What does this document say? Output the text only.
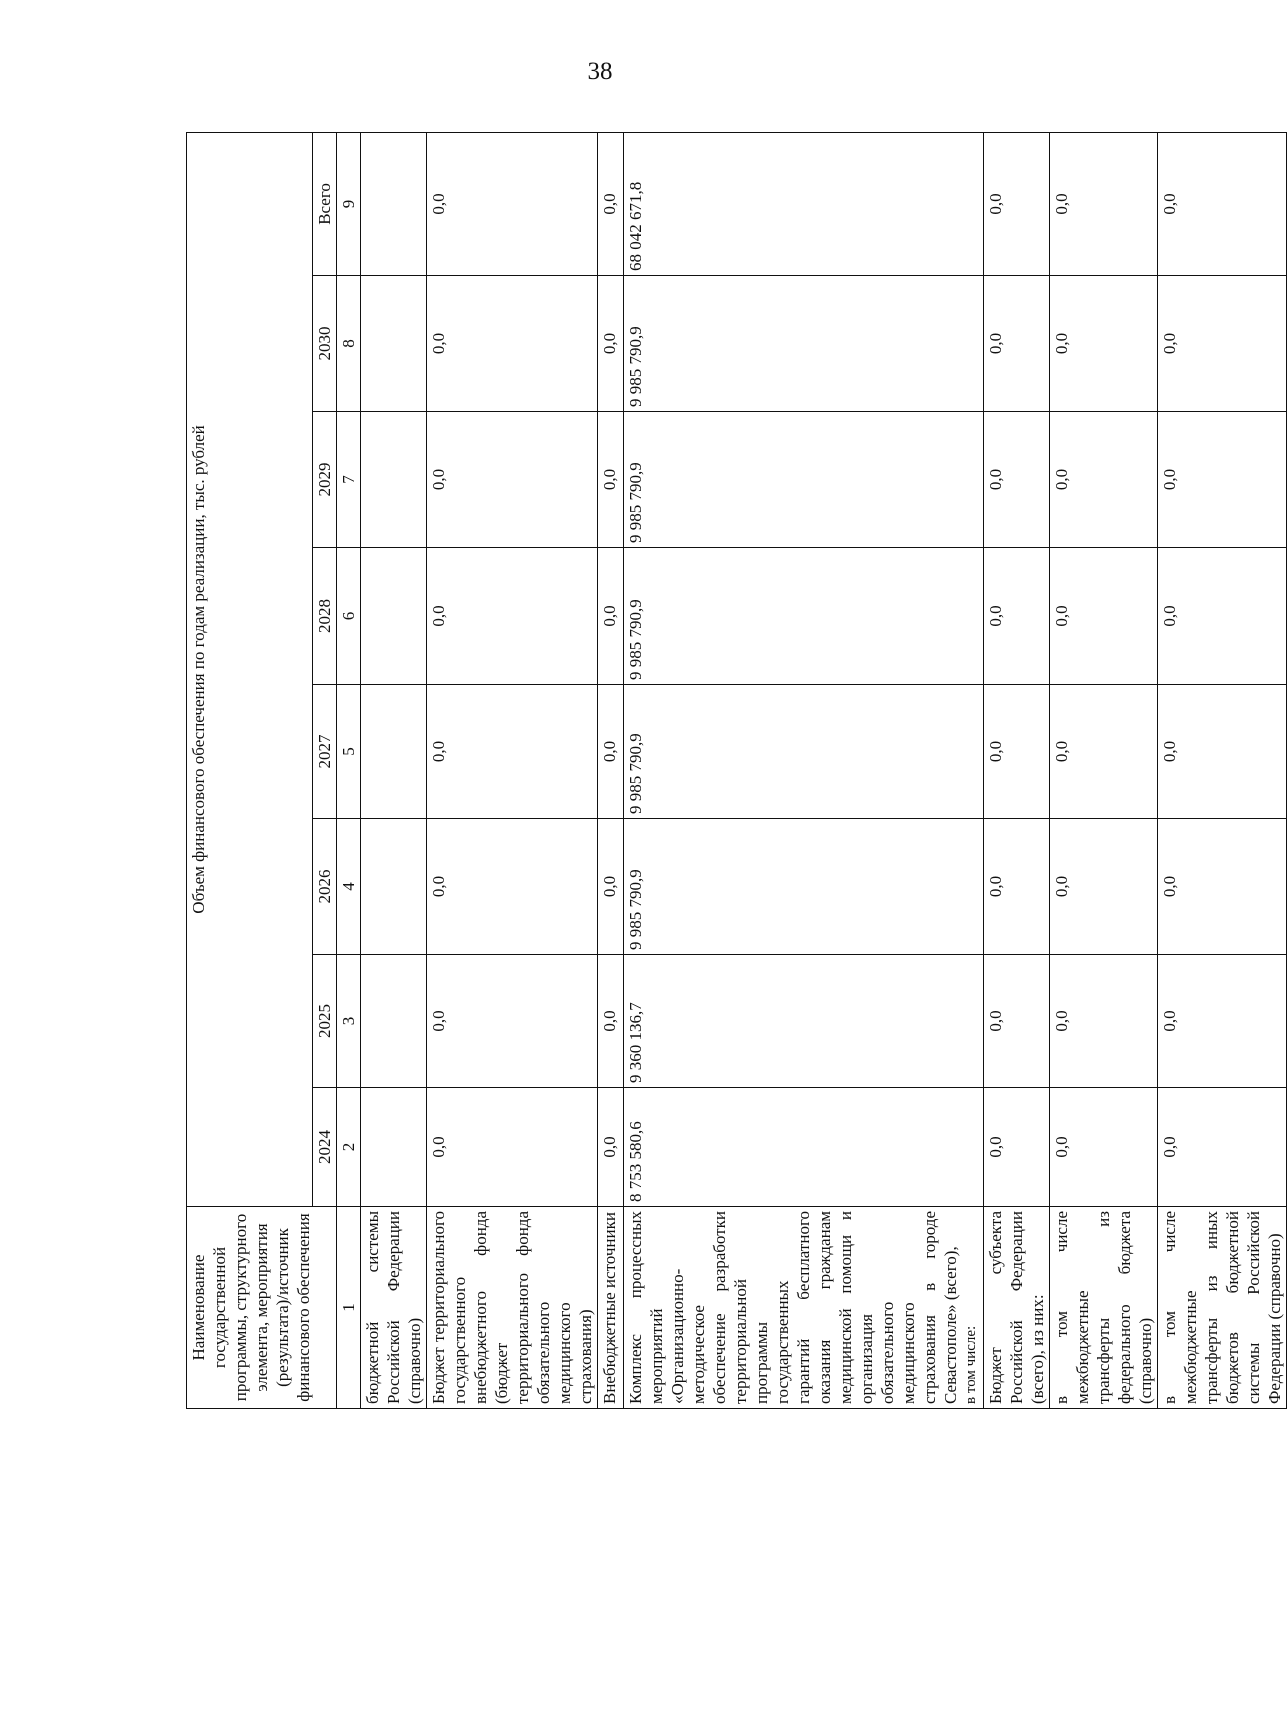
38
Наименование государственной программы, структурного элемента, мероприятия (результата)/источник финансового обеспечения	Объем финансового обеспечения по годам реализации, тыс. рублей							
	2024	2025	2026	2027	2028	2029	2030	Всего
1	2	3	4	5	6	7	8	9
бюджетной системы Российской Федерации (справочно)								
Бюджет территориального государственного внебюджетного фонда (бюджет территориального фонда обязательного медицинского страхования)	0,0	0,0	0,0	0,0	0,0	0,0	0,0	0,0
Внебюджетные источники	0,0	0,0	0,0	0,0	0,0	0,0	0,0	0,0
Комплекс процессных мероприятий «Организационно-методическое обеспечение разработки территориальной программы государственных гарантий бесплатного оказания гражданам медицинской помощи и организация обязательного медицинского страхования в городе Севастополе» (всего), в том числе:	8 753 580,6	9 360 136,7	9 985 790,9	9 985 790,9	9 985 790,9	9 985 790,9	9 985 790,9	68 042 671,8
Бюджет субъекта Российской Федерации (всего), из них:	0,0	0,0	0,0	0,0	0,0	0,0	0,0	0,0
в том числе межбюджетные трансферты из федерального бюджета (справочно)	0,0	0,0	0,0	0,0	0,0	0,0	0,0	0,0
в том числе межбюджетные трансферты из иных бюджетов бюджетной системы Российской Федерации (справочно)	0,0	0,0	0,0	0,0	0,0	0,0	0,0	0,0
